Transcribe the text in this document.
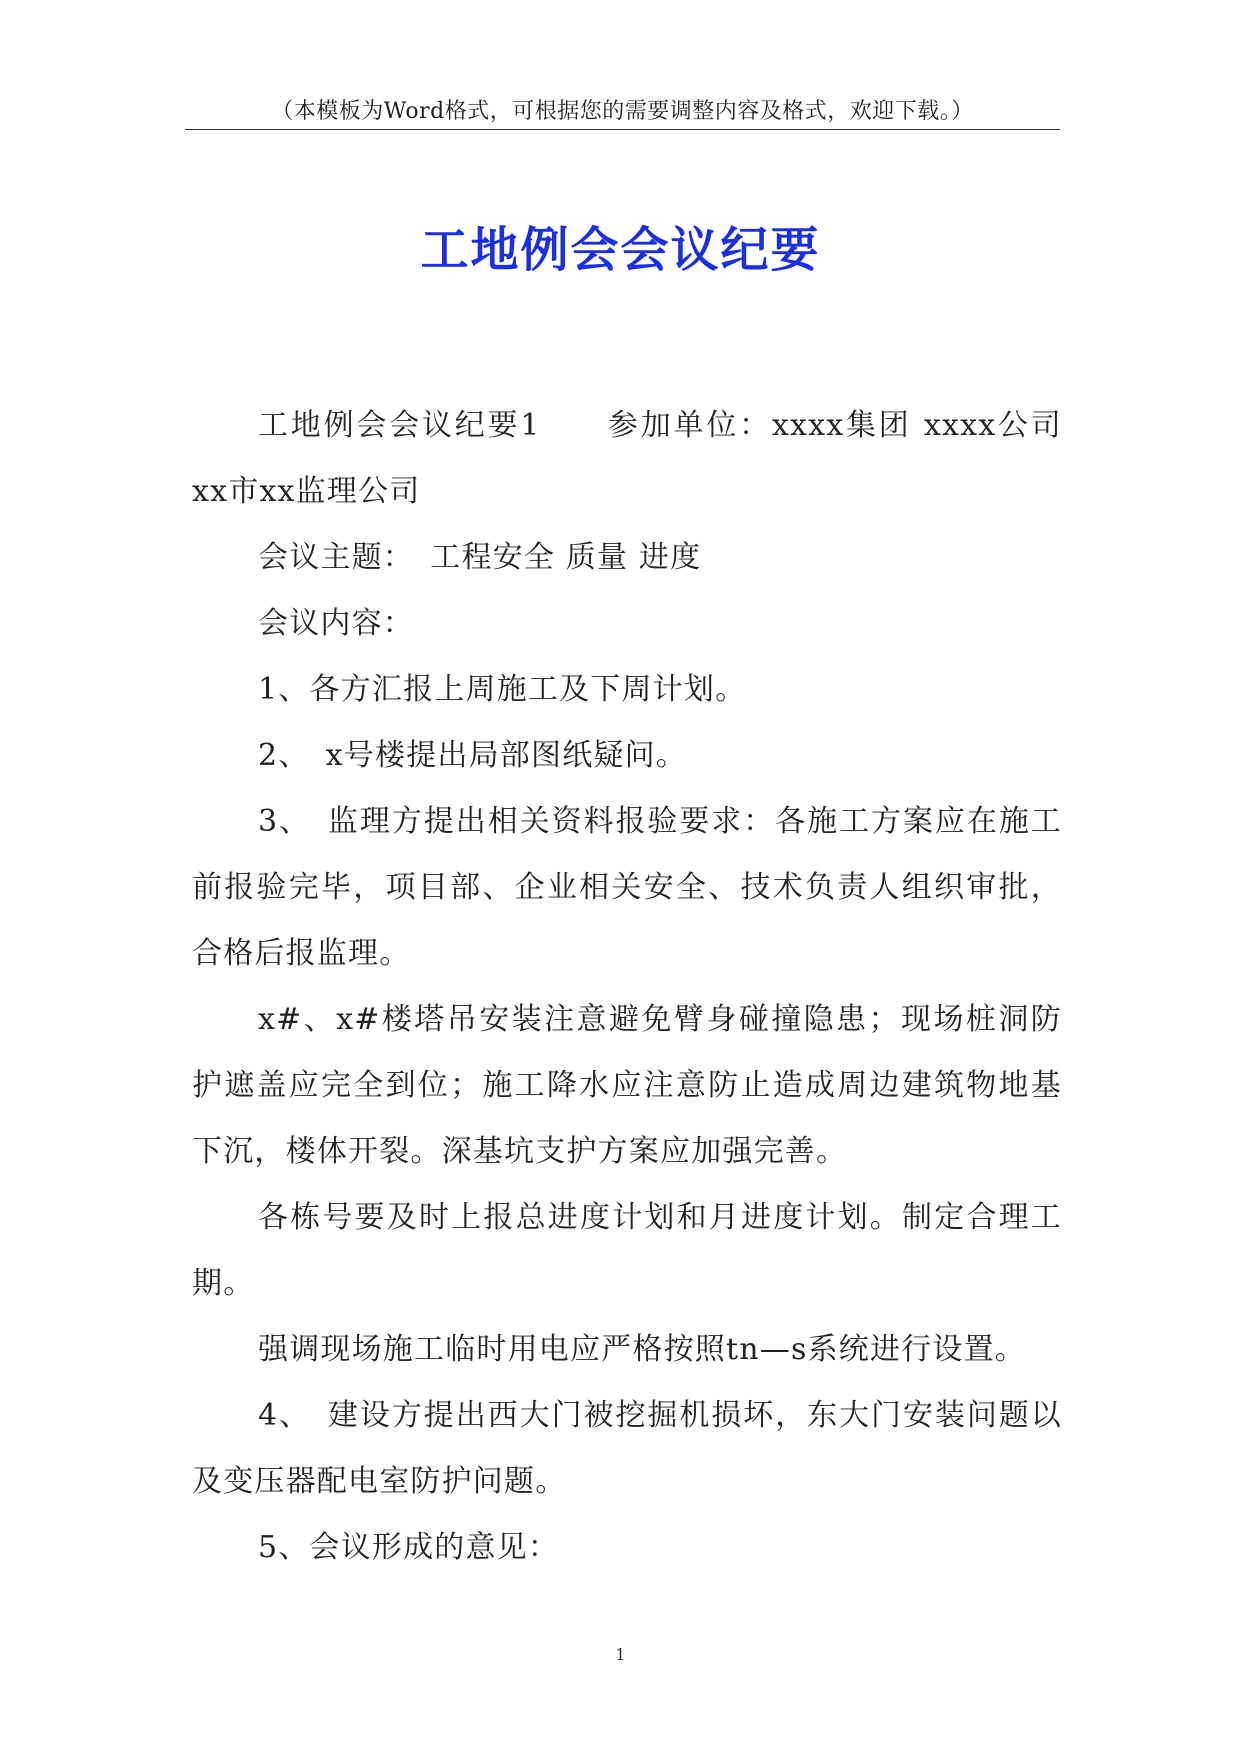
（本模板为Word格式，可根据您的需要调整内容及格式，欢迎下载。）
工地例会会议纪要

工地例会会议纪要1　　参加单位：xxxx集团 xxxx公司 xx市xx监理公司

会议主题：　工程安全 质量 进度

会议内容：

1、各方汇报上周施工及下周计划。

2、　x号楼提出局部图纸疑问。

3、　监理方提出相关资料报验要求：各施工方案应在施工前报验完毕，项目部、企业相关安全、技术负责人组织审批，合格后报监理。

x#、x#楼塔吊安装注意避免臂身碰撞隐患；现场桩洞防护遮盖应完全到位；施工降水应注意防止造成周边建筑物地基下沉，楼体开裂。深基坑支护方案应加强完善。

各栋号要及时上报总进度计划和月进度计划。制定合理工期。

强调现场施工临时用电应严格按照tn—s系统进行设置。

4、　建设方提出西大门被挖掘机损坏，东大门安装问题以及变压器配电室防护问题。

5、会议形成的意见：

1
